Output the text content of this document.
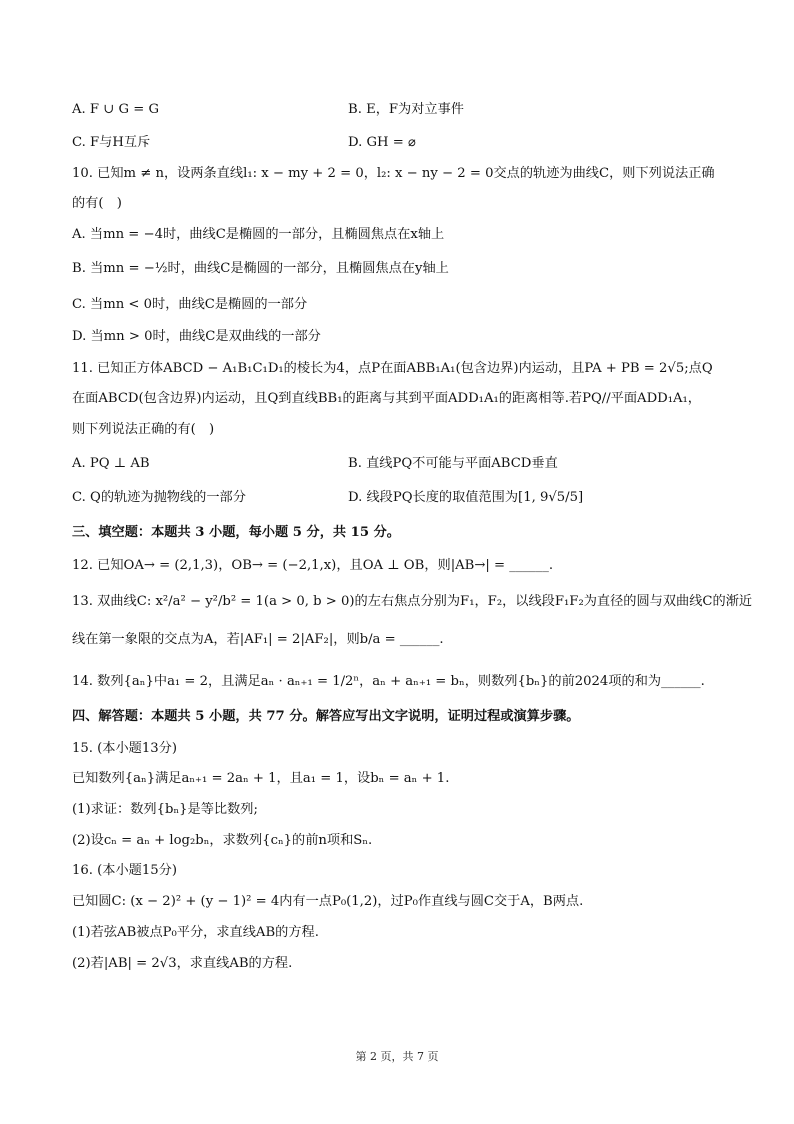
A. F ∪ G = G	B. E，F为对立事件
C. F与H互斥	D. GH = ⌀
10. 已知m ≠ n，设两条直线l₁: x − my + 2 = 0，l₂: x − ny − 2 = 0交点的轨迹为曲线C，则下列说法正确
的有(　)
A. 当mn = −4时，曲线C是椭圆的一部分，且椭圆焦点在x轴上
B. 当mn = −½时，曲线C是椭圆的一部分，且椭圆焦点在y轴上
C. 当mn < 0时，曲线C是椭圆的一部分
D. 当mn > 0时，曲线C是双曲线的一部分
11. 已知正方体ABCD − A₁B₁C₁D₁的棱长为4，点P在面ABB₁A₁(包含边界)内运动，且PA + PB = 2√5;点Q
在面ABCD(包含边界)内运动，且Q到直线BB₁的距离与其到平面ADD₁A₁的距离相等.若PQ//平面ADD₁A₁，
则下列说法正确的有(　)
A. PQ ⊥ AB	B. 直线PQ不可能与平面ABCD垂直
C. Q的轨迹为抛物线的一部分	D. 线段PQ长度的取值范围为[1, 9√5/5]
三、填空题：本题共 3 小题，每小题 5 分，共 15 分。
12. 已知OA→ = (2,1,3)，OB→ = (−2,1,x)，且OA ⊥ OB，则|AB→| = ______.
13. 双曲线C: x²/a² − y²/b² = 1(a > 0, b > 0)的左右焦点分别为F₁，F₂，以线段F₁F₂为直径的圆与双曲线C的渐近
线在第一象限的交点为A，若|AF₁| = 2|AF₂|，则b/a = ______.
14. 数列{aₙ}中a₁ = 2，且满足aₙ · aₙ₊₁ = 1/2ⁿ，aₙ + aₙ₊₁ = bₙ，则数列{bₙ}的前2024项的和为______.
四、解答题：本题共 5 小题，共 77 分。解答应写出文字说明，证明过程或演算步骤。
15. (本小题13分)
已知数列{aₙ}满足aₙ₊₁ = 2aₙ + 1，且a₁ = 1，设bₙ = aₙ + 1.
(1)求证：数列{bₙ}是等比数列;
(2)设cₙ = aₙ + log₂bₙ，求数列{cₙ}的前n项和Sₙ.
16. (本小题15分)
已知圆C: (x − 2)² + (y − 1)² = 4内有一点P₀(1,2)，过P₀作直线与圆C交于A，B两点.
(1)若弦AB被点P₀平分，求直线AB的方程.
(2)若|AB| = 2√3，求直线AB的方程.
第 2 页，共 7 页
